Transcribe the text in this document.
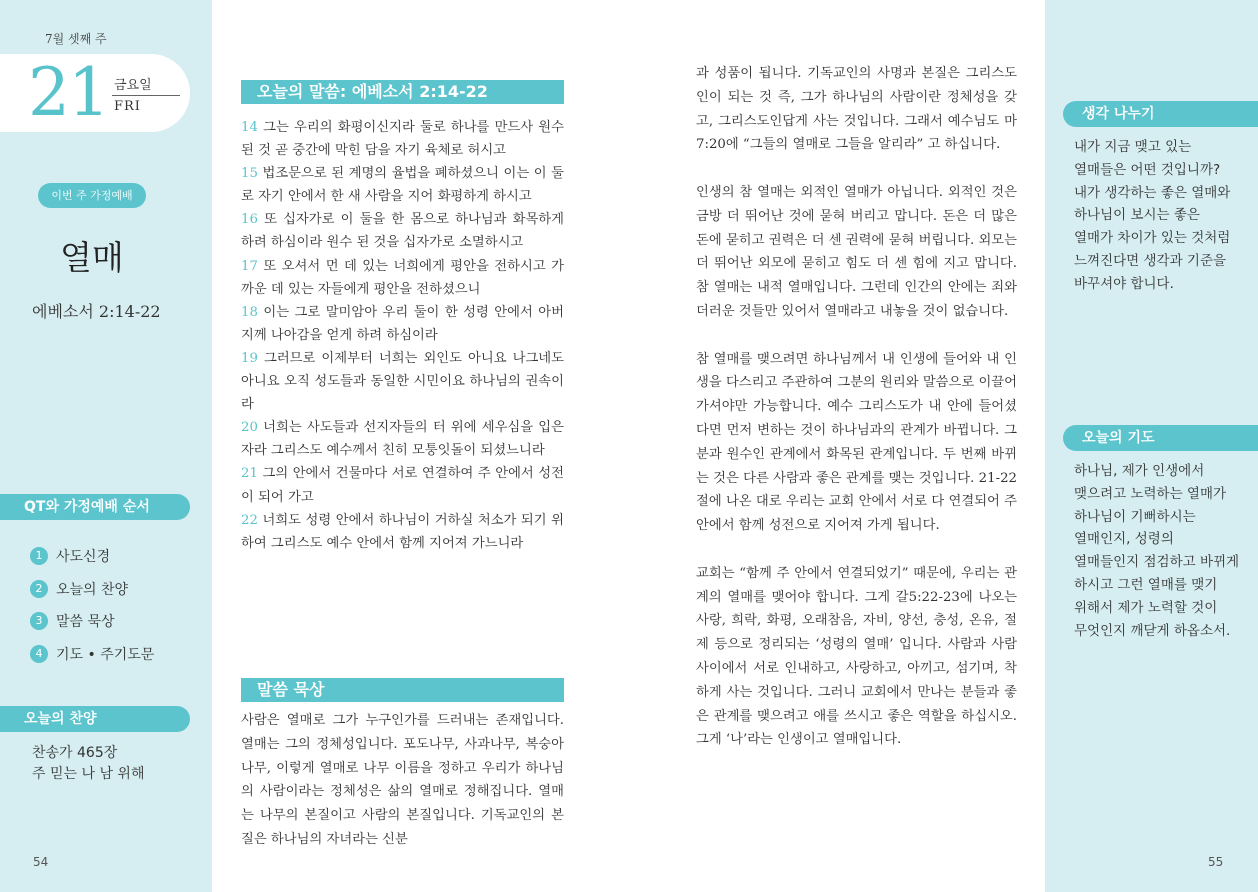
7월 셋째 주
21 금요일
FRI
이번 주 가정예배
열매
에베소서 2:14-22
QT와 가정예배 순서
1 사도신경
2 오늘의 찬양
3 말씀 묵상
4 기도 • 주기도문
오늘의 찬양
찬송가 465장
주 믿는 나 남 위해
54
오늘의 말씀: 에베소서 2:14-22
14 그는 우리의 화평이신지라 둘로 하나를 만드사 원수 된 것 곧 중간에 막힌 담을 자기 육체로 허시고
15 법조문으로 된 계명의 율법을 폐하셨으니 이는 이 둘로 자기 안에서 한 새 사람을 지어 화평하게 하시고
16 또 십자가로 이 둘을 한 몸으로 하나님과 화목하게 하려 하심이라 원수 된 것을 십자가로 소멸하시고
17 또 오셔서 먼 데 있는 너희에게 평안을 전하시고 가까운 데 있는 자들에게 평안을 전하셨으니
18 이는 그로 말미암아 우리 둘이 한 성령 안에서 아버지께 나아감을 얻게 하려 하심이라
19 그러므로 이제부터 너희는 외인도 아니요 나그네도 아니요 오직 성도들과 동일한 시민이요 하나님의 권속이라
20 너희는 사도들과 선지자들의 터 위에 세우심을 입은 자라 그리스도 예수께서 친히 모퉁잇돌이 되셨느니라
21 그의 안에서 건물마다 서로 연결하여 주 안에서 성전이 되어 가고
22 너희도 성령 안에서 하나님이 거하실 처소가 되기 위하여 그리스도 예수 안에서 함께 지어져 가느니라
말씀 묵상
사람은 열매로 그가 누구인가를 드러내는 존재입니다. 열매는 그의 정체성입니다. 포도나무, 사과나무, 복숭아나무, 이렇게 열매로 나무 이름을 정하고 우리가 하나님의 사람이라는 정체성은 삶의 열매로 정해집니다. 열매는 나무의 본질이고 사람의 본질입니다. 기독교인의 본질은 하나님의 자녀라는 신분

과 성품이 됩니다. 기독교인의 사명과 본질은 그리스도인이 되는 것 즉, 그가 하나님의 사람이란 정체성을 갖고, 그리스도인답게 사는 것입니다. 그래서 예수님도 마7:20에 “그들의 열매로 그들을 알리라” 고 하십니다.

인생의 참 열매는 외적인 열매가 아닙니다. 외적인 것은 금방 더 뛰어난 것에 묻혀 버리고 맙니다. 돈은 더 많은 돈에 묻히고 권력은 더 센 권력에 묻혀 버립니다. 외모는 더 뛰어난 외모에 묻히고 힘도 더 센 힘에 지고 맙니다. 참 열매는 내적 열매입니다. 그런데 인간의 안에는 죄와 더러운 것들만 있어서 열매라고 내놓을 것이 없습니다.

참 열매를 맺으려면 하나님께서 내 인생에 들어와 내 인생을 다스리고 주관하여 그분의 원리와 말씀으로 이끌어가셔야만 가능합니다. 예수 그리스도가 내 안에 들어셨다면 먼저 변하는 것이 하나님과의 관계가 바뀝니다. 그분과 원수인 관계에서 화목된 관계입니다. 두 번째 바뀌는 것은 다른 사람과 좋은 관계를 맺는 것입니다. 21-22절에 나온 대로 우리는 교회 안에서 서로 다 연결되어 주 안에서 함께 성전으로 지어져 가게 됩니다.

교회는 “함께 주 안에서 연결되었기” 때문에, 우리는 관계의 열매를 맺어야 합니다. 그게 갈5:22-23에 나오는 사랑, 희락, 화평, 오래참음, 자비, 양선, 충성, 온유, 절제 등으로 정리되는 ‘성령의 열매’ 입니다. 사람과 사람 사이에서 서로 인내하고, 사랑하고, 아끼고, 섬기며, 착하게 사는 것입니다. 그러니 교회에서 만나는 분들과 좋은 관계를 맺으려고 애를 쓰시고 좋은 역할을 하십시오. 그게 ‘나’라는 인생이고 열매입니다.

생각 나누기
내가 지금 맺고 있는
열매들은 어떤 것입니까?
내가 생각하는 좋은 열매와
하나님이 보시는 좋은
열매가 차이가 있는 것처럼
느껴진다면 생각과 기준을
바꾸셔야 합니다.
오늘의 기도
하나님, 제가 인생에서
맺으려고 노력하는 열매가
하나님이 기뻐하시는
열매인지, 성령의
열매들인지 점검하고 바뀌게
하시고 그런 열매를 맺기
위해서 제가 노력할 것이
무엇인지 깨닫게 하옵소서.
55
